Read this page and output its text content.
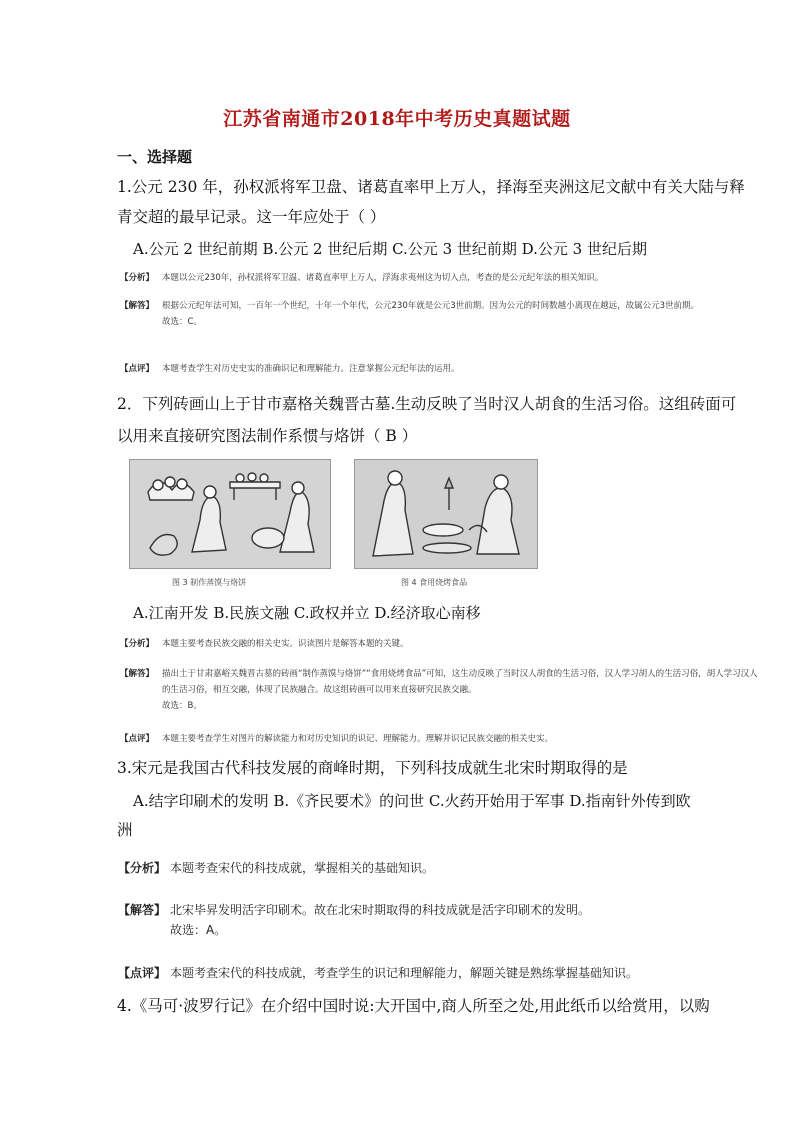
江苏省南通市2018年中考历史真题试题
一、选择题
1.公元 230 年，孙权派将军卫盘、诸葛直率甲上万人，择海至夹洲这尼文献中有关大陆与释
青交超的最早记录。这一年应处于（ ）
A.公元 2 世纪前期 B.公元 2 世纪后期 C.公元 3 世纪前期 D.公元 3 世纪后期
【分析】 本题以公元230年，孙权派将军卫温、诸葛直率甲上万人，浮海求夷州这为切入点，考查的是公元纪年法的相关知识。
【解答】 根据公元纪年法可知，一百年一个世纪，十年一个年代，公元230年就是公元3世前期。因为公元的时间数越小离现在越远，故属公元3世前期。
故选：C。
【点评】 本题考查学生对历史史实的准确识记和理解能力。注意掌握公元纪年法的运用。
2．下列砖画山上于甘市嘉格关魏晋古墓.生动反映了当时汉人胡食的生活习俗。这组砖面可
以用来直接研究图法制作系惯与烙饼（ B ）
图 3 制作蒸馍与烙饼	图 4 食用烧烤食品
A.江南开发 B.民族文融 C.政权并立 D.经济取心南移
【分析】 本题主要考查民族交融的相关史实。识读图片是解答本题的关键。
【解答】 描出土于甘肃嘉峪关魏晋古墓的砖画“制作蒸馍与烙饼”“食用烧烤食品”可知，这生动反映了当时汉人胡食的生活习俗，汉人学习胡人的生活习俗，胡人学习汉人的生活习俗，相互交融，体现了民族融合。故这组砖画可以用来直接研究民族交融。
故选：B。
【点评】 本题主要考查学生对图片的解读能力和对历史知识的识记、理解能力。理解并识记民族交融的相关史实。
3.宋元是我国古代科技发展的商峰时期，下列科技成就生北宋时期取得的是
A.结字印刷术的发明 B.《齐民要术》的问世 C.火药开始用于军事 D.指南针外传到欧
洲
【分析】 本题考查宋代的科技成就，掌握相关的基础知识。
【解答】 北宋毕昇发明活字印刷术。故在北宋时期取得的科技成就是活字印刷术的发明。
故选：A。
【点评】 本题考查宋代的科技成就，考查学生的识记和理解能力，解题关键是熟练掌握基础知识。
4.《马可·波罗行记》在介绍中国时说:大开国中,商人所至之处,用此纸币以给赏用，以购
